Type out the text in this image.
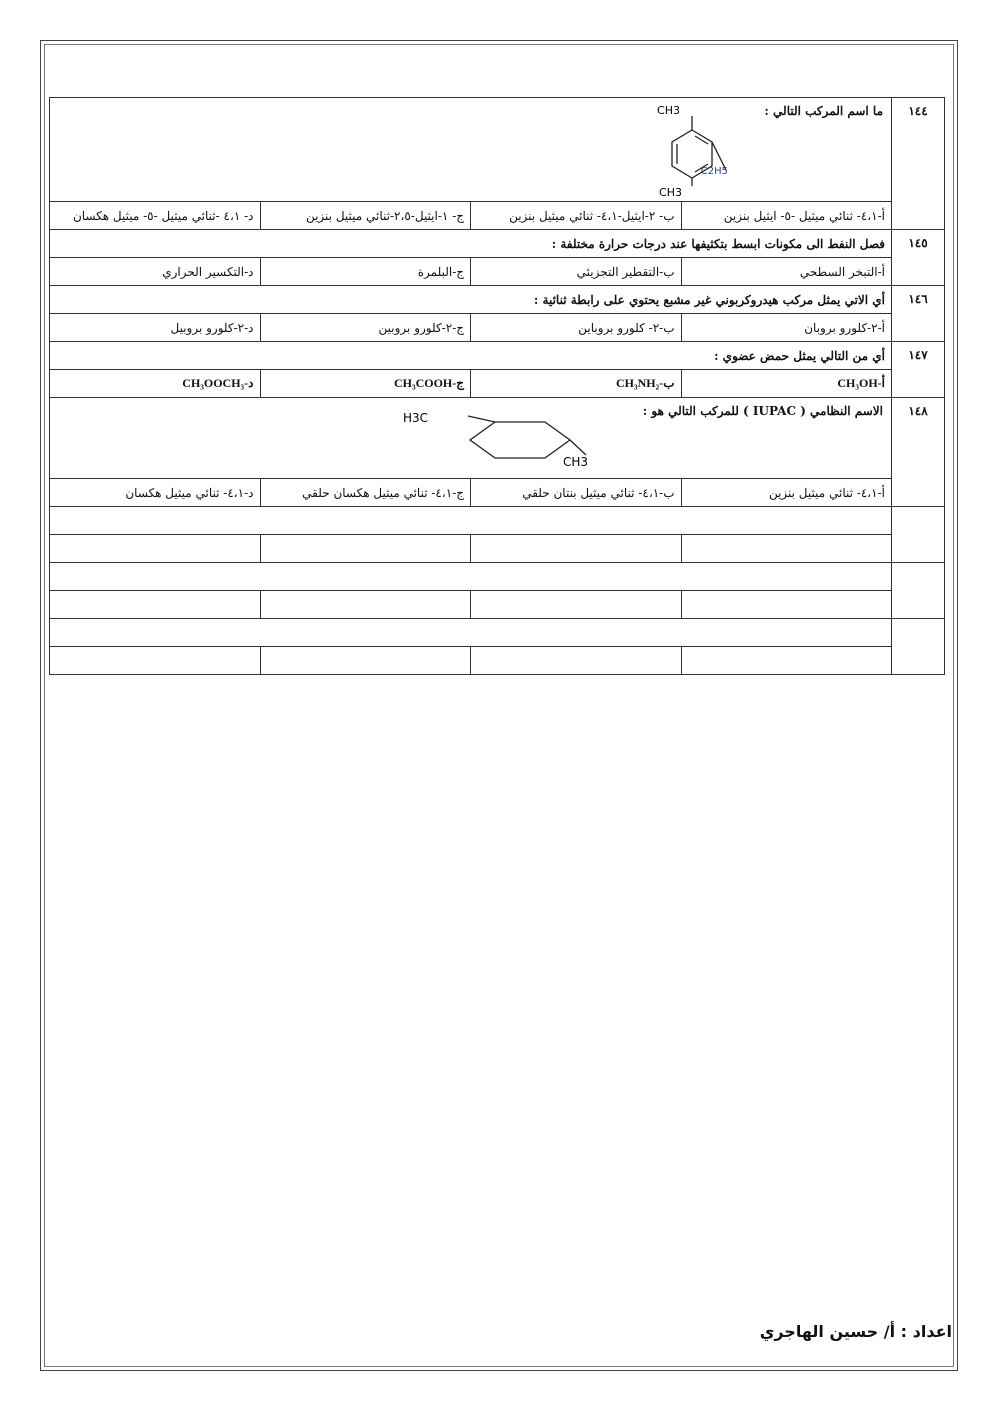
١٤٤	ما اسم المركب التالي :
CH3
C2H5
CH3			

	أ-٤،١- ثنائي ميثيل -٥- ايثيل بنزين	ب- ٢-ايثيل-٤،١- ثنائي ميثيل بنزين	ج- ١-ايثيل-٢،٥-ثنائي ميثيل بنزين	د- ٤،١ -ثنائي ميثيل -٥- ميثيل هكسان
١٤٥	فصل النفط الى مكونات ابسط بتكثيفها عند درجات حرارة مختلفة :			
	أ-التبخر السطحي	ب-التقطير التجزيئي	ج-البلمرة	د-التكسير الحراري
١٤٦	أي الاتي يمثل مركب هيدروكربوني غير مشبع يحتوي على رابطة ثنائية :			
	أ-٢-كلورو بروبان	ب-٢- كلورو بروباين	ج-٢-كلورو بروبين	د-٢-كلورو بروبيل
١٤٧	أي من التالي يمثل حمض عضوي :			
	أ-CH₃OH	ب-CH₃NH₂	ج-CH₃COOH	د-CH₃OOCH₃
١٤٨	الاسم النظامي ( IUPAC ) للمركب التالي هو :
H3C
CH3			

	أ-٤،١- ثنائي ميثيل بنزين	ب-٤،١- ثنائي ميثيل بنتان حلقي	ج-٤،١- ثنائي ميثيل هكسان حلقي	د-٤،١- ثنائي ميثيل هكسان

اعداد : أ/ حسين الهاجري
